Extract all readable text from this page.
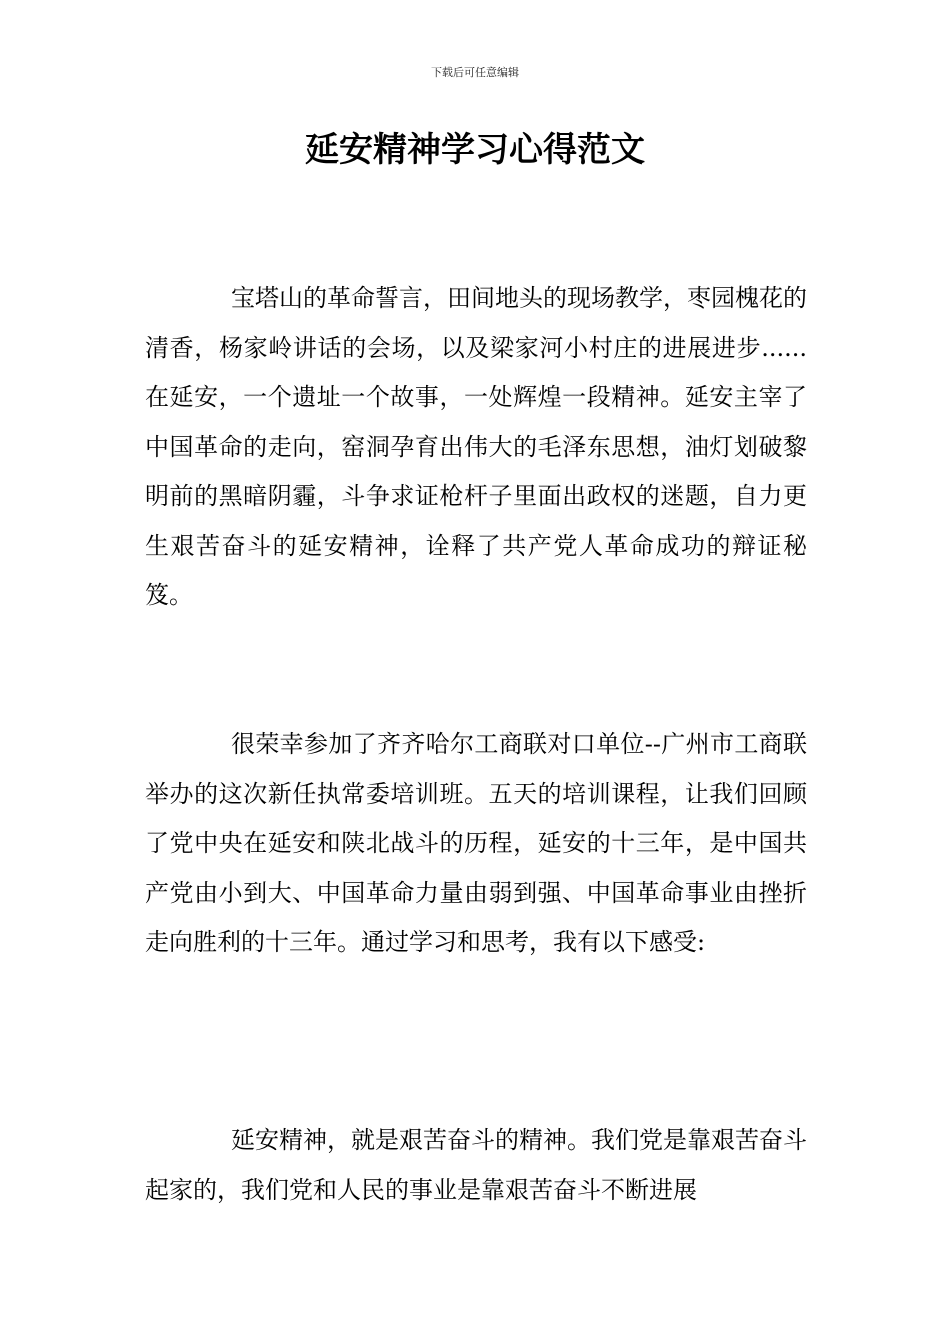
下载后可任意编辑
延安精神学习心得范文

宝塔山的革命誓言，田间地头的现场教学，枣园槐花的清香，杨家岭讲话的会场，以及梁家河小村庄的进展进步...... 在延安，一个遗址一个故事，一处辉煌一段精神。延安主宰了中国革命的走向，窑洞孕育出伟大的毛泽东思想，油灯划破黎明前的黑暗阴霾，斗争求证枪杆子里面出政权的迷题，自力更生艰苦奋斗的延安精神，诠释了共产党人革命成功的辩证秘笈。

很荣幸参加了齐齐哈尔工商联对口单位--广州市工商联举办的这次新任执常委培训班。五天的培训课程，让我们回顾了党中央在延安和陕北战斗的历程，延安的十三年，是中国共产党由小到大、中国革命力量由弱到强、中国革命事业由挫折走向胜利的十三年。通过学习和思考，我有以下感受:

延安精神，就是艰苦奋斗的精神。我们党是靠艰苦奋斗起家的，我们党和人民的事业是靠艰苦奋斗不断进展
